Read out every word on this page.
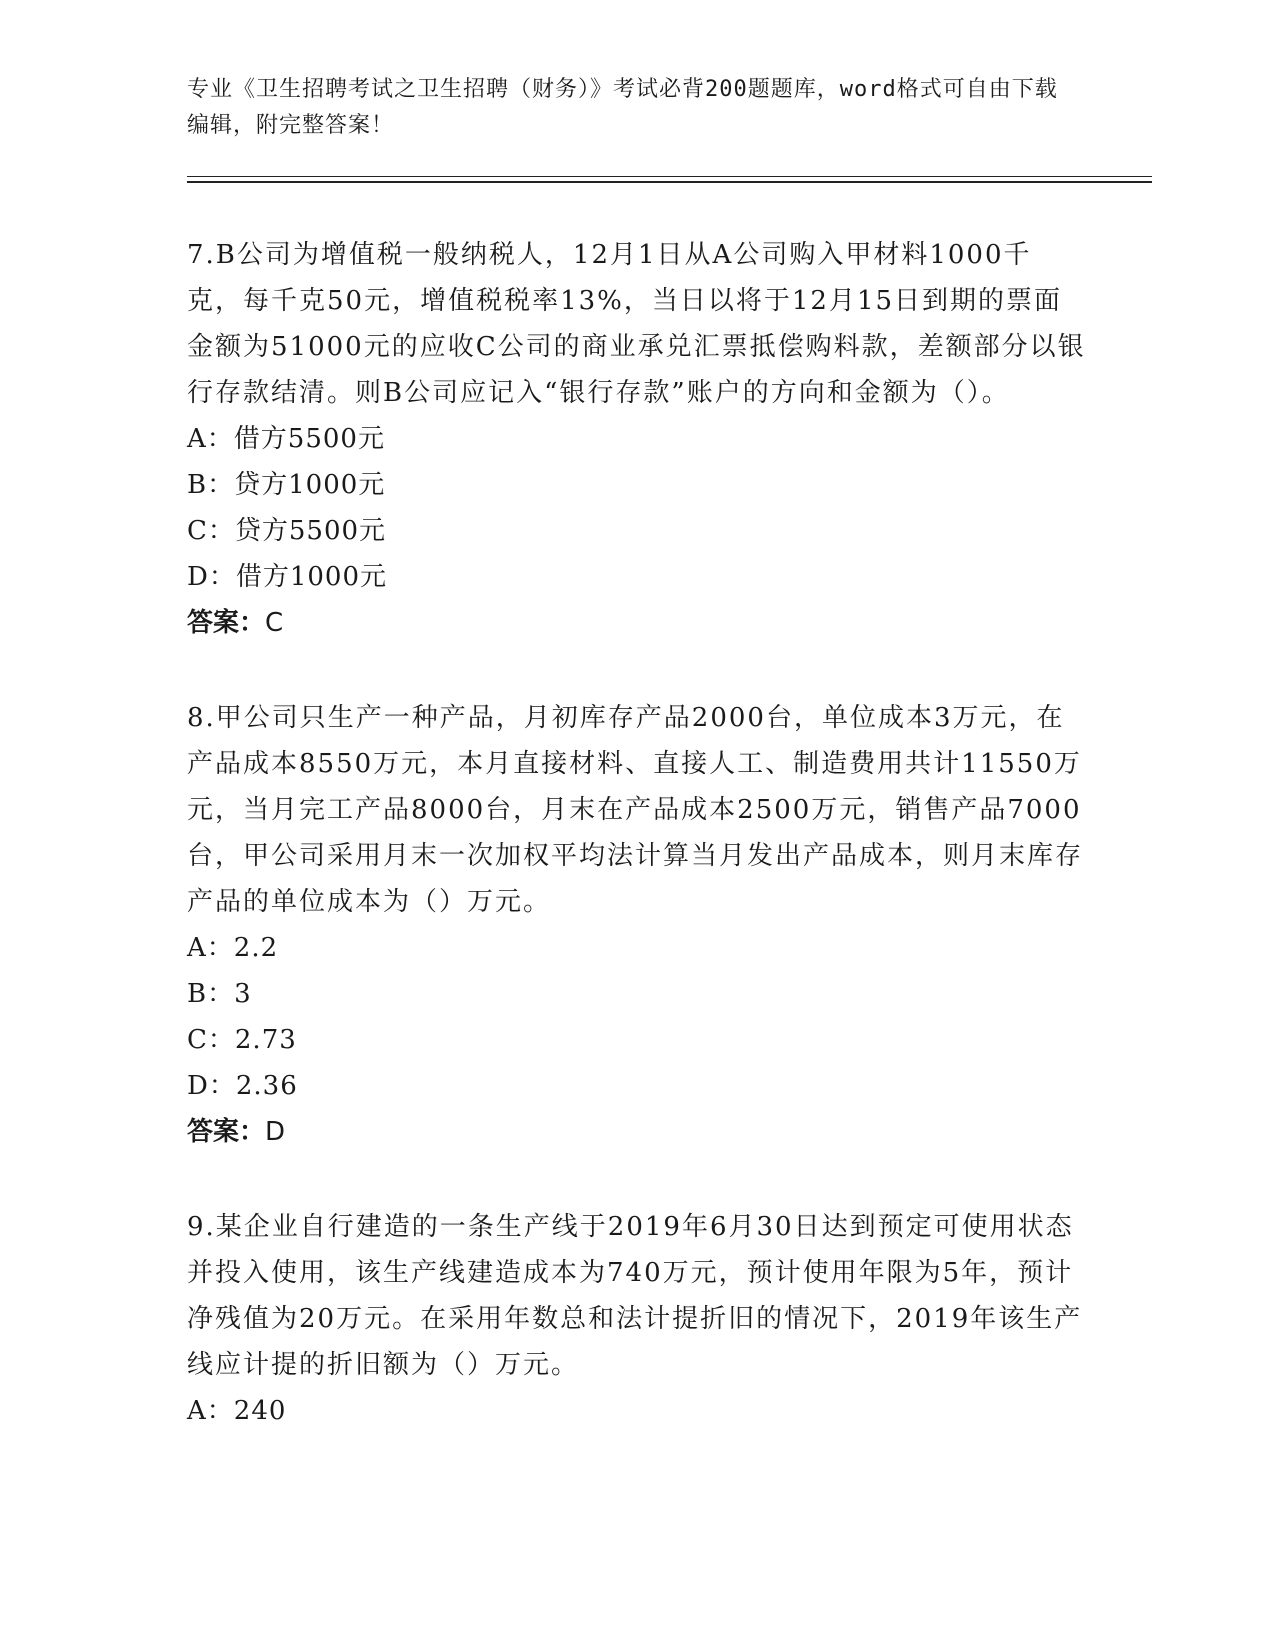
专业《卫生招聘考试之卫生招聘（财务）》考试必背200题题库，word格式可自由下载编辑，附完整答案！

7.B公司为增值税一般纳税人，12月1日从A公司购入甲材料1000千克，每千克50元，增值税税率13%，当日以将于12月15日到期的票面金额为51000元的应收C公司的商业承兑汇票抵偿购料款，差额部分以银行存款结清。则B公司应记入“银行存款”账户的方向和金额为（）。

A：借方5500元

B：贷方1000元

C：贷方5500元

D：借方1000元

答案：C

8.甲公司只生产一种产品，月初库存产品2000台，单位成本3万元，在产品成本8550万元，本月直接材料、直接人工、制造费用共计11550万元，当月完工产品8000台，月末在产品成本2500万元，销售产品7000台，甲公司采用月末一次加权平均法计算当月发出产品成本，则月末库存产品的单位成本为（）万元。

A：2.2

B：3

C：2.73

D：2.36

答案：D

9.某企业自行建造的一条生产线于2019年6月30日达到预定可使用状态并投入使用，该生产线建造成本为740万元，预计使用年限为5年，预计净残值为20万元。在采用年数总和法计提折旧的情况下，2019年该生产线应计提的折旧额为（）万元。

A：240
